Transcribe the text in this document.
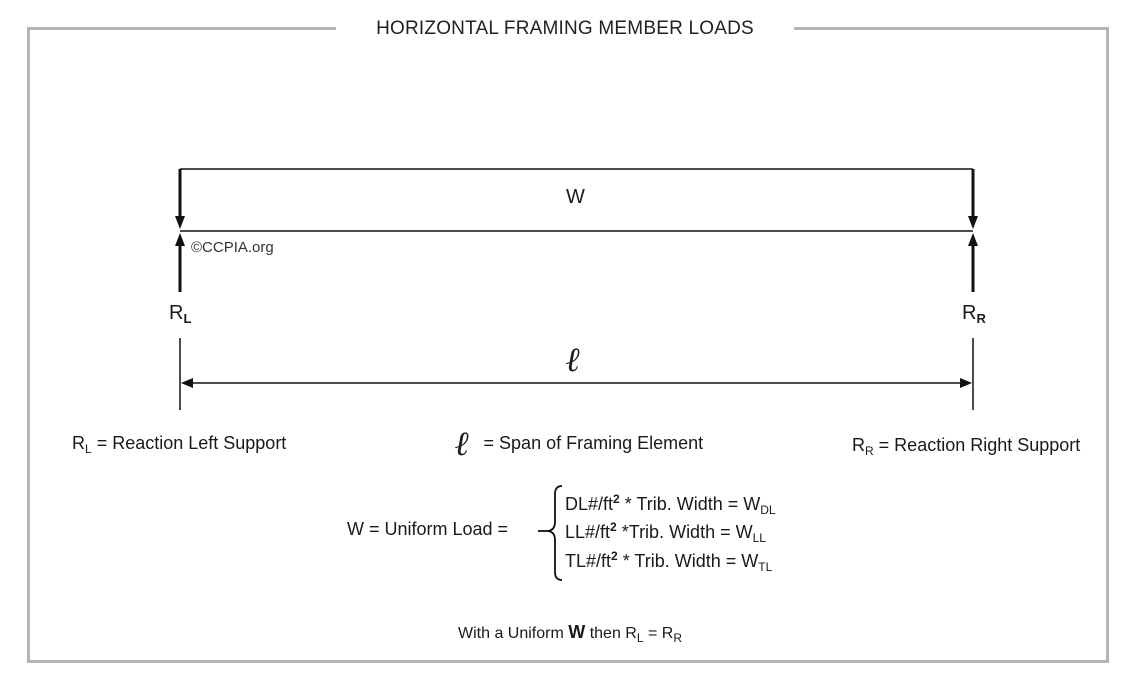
HORIZONTAL FRAMING MEMBER LOADS
W
©CCPIA.org
$R_L$	$R_R$
ℓ
$R_L$ = Reaction Left Support	ℓ = Span of Framing Element	$R_R$ = Reaction Right Support
W = Uniform Load =
$DL\#/ft^2$ * Trib. Width = $W_{DL}$
$LL\#/ft^2$ *Trib. Width = $W_{LL}$
$TL\#/ft^2$ * Trib. Width = $W_{TL}$
With a Uniform W then $R_L = R_R$
